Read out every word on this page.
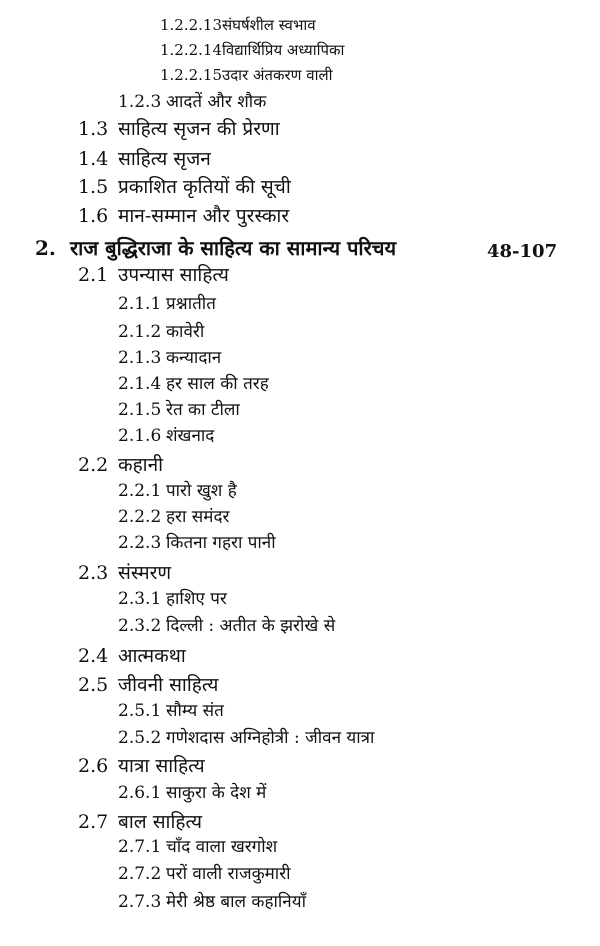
1.2.2.13संघर्षशील स्वभाव
1.2.2.14विद्यार्थिप्रिय अध्यापिका
1.2.2.15उदार अंतकरण वाली
1.2.3 आदतें और शौक
1.3 साहित्य सृजन की प्रेरणा
1.4 साहित्य सृजन
1.5 प्रकाशित कृतियों की सूची
1.6 मान-सम्मान और पुरस्कार
2. राज बुद्धिराजा के साहित्य का सामान्य परिचय	48-107
2.1 उपन्यास साहित्य
2.1.1 प्रश्नातीत
2.1.2 कावेरी
2.1.3 कन्यादान
2.1.4 हर साल की तरह
2.1.5 रेत का टीला
2.1.6 शंखनाद
2.2 कहानी
2.2.1 पारो खुश है
2.2.2 हरा समंदर
2.2.3 कितना गहरा पानी
2.3 संस्मरण
2.3.1 हाशिए पर
2.3.2 दिल्ली : अतीत के झरोखे से
2.4 आत्मकथा
2.5 जीवनी साहित्य
2.5.1 सौम्य संत
2.5.2 गणेशदास अग्निहोत्री : जीवन यात्रा
2.6 यात्रा साहित्य
2.6.1 साकुरा के देश में
2.7 बाल साहित्य
2.7.1 चाँद वाला खरगोश
2.7.2 परों वाली राजकुमारी
2.7.3 मेरी श्रेष्ठ बाल कहानियाँ
